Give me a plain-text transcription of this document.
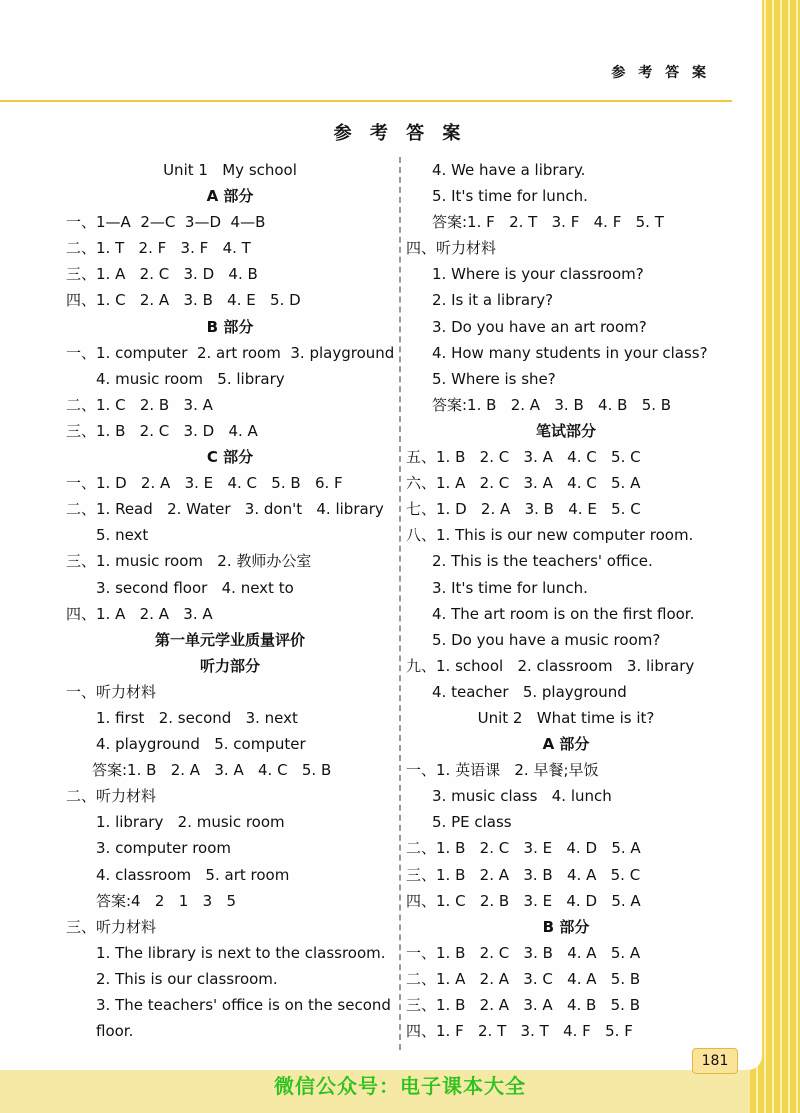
参 考 答 案
参 考 答 案
Unit 1   My school
A 部分
一、1—A  2—C  3—D  4—B
二、1. T   2. F   3. F   4. T
三、1. A   2. C   3. D   4. B
四、1. C   2. A   3. B   4. E   5. D
B 部分
一、1. computer  2. art room  3. playground
4. music room   5. library
二、1. C   2. B   3. A
三、1. B   2. C   3. D   4. A
C 部分
一、1. D   2. A   3. E   4. C   5. B   6. F
二、1. Read   2. Water   3. don't   4. library
5. next
三、1. music room   2. 教师办公室
3. second floor   4. next to
四、1. A   2. A   3. A
第一单元学业质量评价
听力部分
一、听力材料
1. first   2. second   3. next
4. playground   5. computer
答案:1. B   2. A   3. A   4. C   5. B
二、听力材料
1. library   2. music room
3. computer room
4. classroom   5. art room
答案:4   2   1   3   5
三、听力材料
1. The library is next to the classroom.
2. This is our classroom.
3. The teachers' office is on the second
floor.
4. We have a library.
5. It's time for lunch.
答案:1. F   2. T   3. F   4. F   5. T
四、听力材料
1. Where is your classroom?
2. Is it a library?
3. Do you have an art room?
4. How many students in your class?
5. Where is she?
答案:1. B   2. A   3. B   4. B   5. B
笔试部分
五、1. B   2. C   3. A   4. C   5. C
六、1. A   2. C   3. A   4. C   5. A
七、1. D   2. A   3. B   4. E   5. C
八、1. This is our new computer room.
2. This is the teachers' office.
3. It's time for lunch.
4. The art room is on the first floor.
5. Do you have a music room?
九、1. school   2. classroom   3. library
4. teacher   5. playground
Unit 2   What time is it?
A 部分
一、1. 英语课   2. 早餐;早饭
3. music class   4. lunch
5. PE class
二、1. B   2. C   3. E   4. D   5. A
三、1. B   2. A   3. B   4. A   5. C
四、1. C   2. B   3. E   4. D   5. A
B 部分
一、1. B   2. C   3. B   4. A   5. A
二、1. A   2. A   3. C   4. A   5. B
三、1. B   2. A   3. A   4. B   5. B
四、1. F   2. T   3. T   4. F   5. F
181
微信公众号：电子课本大全
